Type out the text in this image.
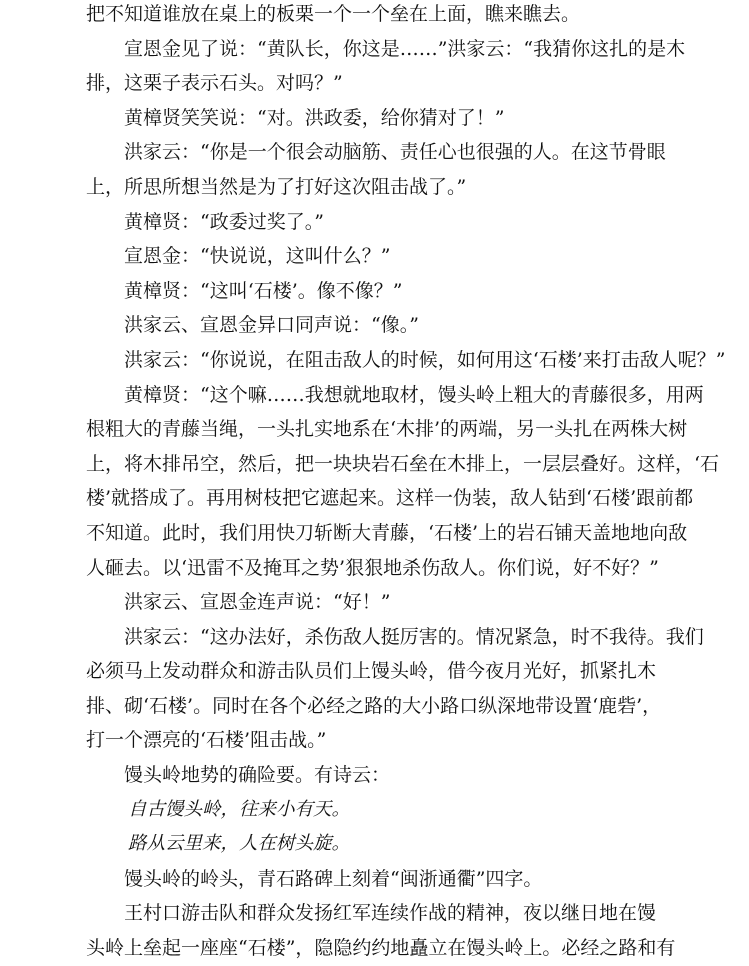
把不知道谁放在桌上的板栗一个一个垒在上面，瞧来瞧去。
宣恩金见了说：“黄队长，你这是……”洪家云：“我猜你这扎的是木
排，这栗子表示石头。对吗？”
黄樟贤笑笑说：“对。洪政委，给你猜对了！”
洪家云：“你是一个很会动脑筋、责任心也很强的人。在这节骨眼
上，所思所想当然是为了打好这次阻击战了。”
黄樟贤：“政委过奖了。”
宣恩金：“快说说，这叫什么？”
黄樟贤：“这叫‘石楼’。像不像？”
洪家云、宣恩金异口同声说：“像。”
洪家云：“你说说，在阻击敌人的时候，如何用这‘石楼’来打击敌人呢？”
黄樟贤：“这个嘛……我想就地取材，馒头岭上粗大的青藤很多，用两
根粗大的青藤当绳，一头扎实地系在‘木排’的两端，另一头扎在两株大树
上，将木排吊空，然后，把一块块岩石垒在木排上，一层层叠好。这样，‘石
楼’就搭成了。再用树枝把它遮起来。这样一伪装，敌人钻到‘石楼’跟前都
不知道。此时，我们用快刀斩断大青藤，‘石楼’上的岩石铺天盖地地向敌
人砸去。以‘迅雷不及掩耳之势’狠狠地杀伤敌人。你们说，好不好？”
洪家云、宣恩金连声说：“好！”
洪家云：“这办法好，杀伤敌人挺厉害的。情况紧急，时不我待。我们
必须马上发动群众和游击队员们上馒头岭，借今夜月光好，抓紧扎木
排、砌‘石楼’。同时在各个必经之路的大小路口纵深地带设置‘鹿砦’，
打一个漂亮的‘石楼’阻击战。”
馒头岭地势的确险要。有诗云：
自古馒头岭，往来小有天。
路从云里来，人在树头旋。
馒头岭的岭头，青石路碑上刻着“闽浙通衢”四字。
王村口游击队和群众发扬红军连续作战的精神，夜以继日地在馒
头岭上垒起一座座“石楼”，隐隐约约地矗立在馒头岭上。必经之路和有
